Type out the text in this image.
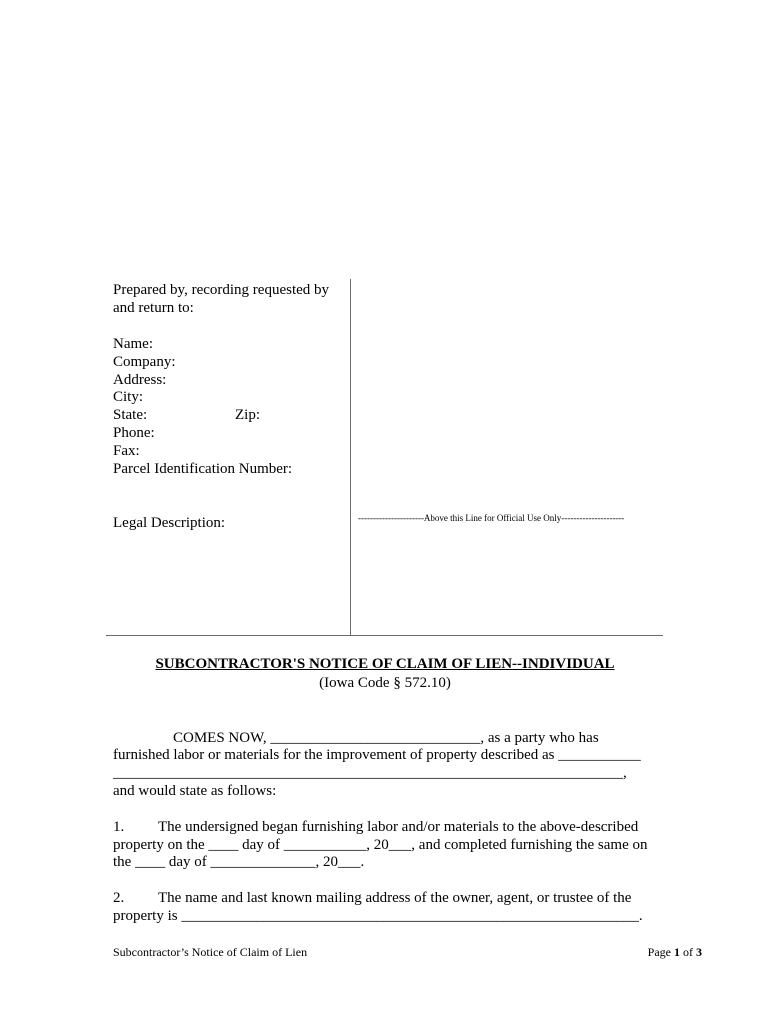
Prepared by, recording requested by
and return to:
Name:
Company:
Address:
City:
State:	Zip:
Phone:
Fax:
Parcel Identification Number:
Legal Description:	----------------------Above this Line for Official Use Only---------------------
SUBCONTRACTOR'S NOTICE OF CLAIM OF LIEN--INDIVIDUAL
(Iowa Code § 572.10)
COMES NOW, ____________________________, as a party who has
furnished labor or materials for the improvement of property described as ___________
____________________________________________________________________,
and would state as follows:
1. The undersigned began furnishing labor and/or materials to the above-described
property on the ____ day of ___________, 20___, and completed furnishing the same on
the ____ day of ______________, 20___.
2. The name and last known mailing address of the owner, agent, or trustee of the
property is _____________________________________________________________.
Subcontractor’s Notice of Claim of Lien	Page 1 of 3
